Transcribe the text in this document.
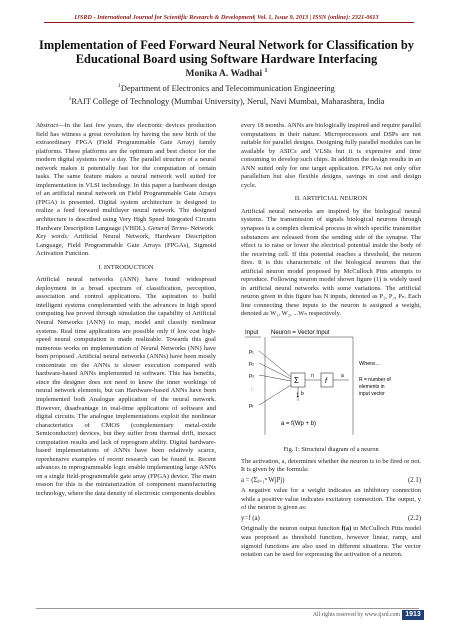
IJSRD - International Journal for Scientific Research & Development| Vol. 1, Issue 9, 2013 | ISSN (online): 2321-0613
Implementation of Feed Forward Neural Network for Classification by Educational Board using Software Hardware Interfacing
Monika A. Wadhai $^1$
$^1$Department of Electronics and Telecommunication Engineering
$^1$RAIT College of Technology (Mumbai University), Nerul, Navi Mumbai, Maharashtra, India

Abstract—In the last few years, the electronic devices production field has witness a great revolution by having the new birth of the extraordinary FPGA (Field Programmable Gate Array) family platforms. These platforms are the optimum and best choice for the modern digital systems now a day. The parallel structure of a neural network makes it potentially fast for the computation of certain tasks. The same feature makes a neural network well suited for implementation in VLSI technology. In this paper a hardware design of an artificial neural network on Field Programmable Gate Arrays (FPGA) is presented. Digital system architecture is designed to realize a feed forward multilayer neural network. The designed architecture is described using Very High Speed Integrated Circuits Hardware Description Language (VHDL). General Terms- Network

Key words: Artificial Neural Network, Hardware Description Language, Field Programmable Gate Arrays (FPGAs), Sigmoid Activation Function.

I. INTRODUCTION

Artificial neural networks (ANN) have found widespread deployment in a broad spectrum of classification, perception, association and control applications. The aspiration to build intelligent systems complemented with the advances in high speed computing has proved through simulation the capability of Artificial Neural Networks (ANN) to map, model and classify nonlinear systems. Real time applications are possible only if low cost high-speed neural computation is made realizable. Towards this goal numerous works on implementation of Neural Networks (NN) have been proposed .Artificial neural networks (ANNs) have been mostly concentrate on the ANNs is slower execution compared with hardware-based ANNs implemented in software. This has benefits, since the designer does not need to know the inner workings of neural network elements, but can Hardware-based ANNs have been implemented both Analogue application of the neural network. However, disadvantage in real-time applications of software and digital circuits. The analogue implementations exploit the nonlinear characteristics of CMOS (complementary metal-oxide Semiconductor) devices, but they suffer from thermal drift, inexact computation results and lack of reprogram ability. Digital hardware-based implementations of ANNs have been relatively scarce, reprehensive examples of recent research can be found in. Recent advances in reprogrammable logic enable implementing large ANNs on a single field-programmable gate array (FPGA) device. The main reason for this is the miniaturization of component manufacturing technology, where the data density of electronic components doubles

every 18 months. ANNs are biologically inspired and require parallel computations in their nature. Microprocessors and DSPs are not suitable for parallel designs. Designing fully parallel modules can be available by ASICs and VLSIs but it is expensive and time consuming to develop such chips. In addition the design results in an ANN suited only for one target application. FPGAs not only offer parallelism but also flexible designs, savings in cost and design cycle.

II. ARTIFICIAL NEURON

Artificial neural networks are inspired by the biological neural systems. The transmission of signals biological neurons through synapses is a complex chemical process in which specific transmitter substances are released from the sending side of the synapse. The effect is to raise or lower the electrical potential inside the body of the receiving cell. If this potential reaches a threshold, the neuron fires. It is this characteristic of the biological neurons that the artificial neuron model proposed by McCulloch Pitts attempts to reproduce. Following neuron model shown figure (1) is widely used in artificial neural networks with some variations. The artificial neuron given in this figure has N inputs, denoted as P₁, P₂, Pₙ. Each line connecting these inputs to the neuron is assigned a weight, denoted as W₁, W₂, ...Wₙ respectively.

Input Neuron = Vector Input
p₁
p₂
p₃
:
pᵣ
Σ n
f
a
1 b
a = f(Wp + b)
Where...
R = number of
elements in
input vector
Fig. 1: Structural diagram of a neuron

The activation, a, determines whether the neuron is to be fired or not. It is given by the formula:

a = (Σⱼ₌₁ⁿ WjPj)	(2.1)

A negative value for a weight indicates an inhibitory connection while a positive value indicates excitatory connection. The output, y of the neuron is given as:

y=f (a)	(2.2)

Originally the neuron output function f(a) in McCulloch Pitts model was proposed as threshold function, however linear, ramp, and sigmoid functions are also used in different situations. The vector notation can be used for expressing the activation of a neuron.

All rights reserved by www.ijsrd.com 1913
